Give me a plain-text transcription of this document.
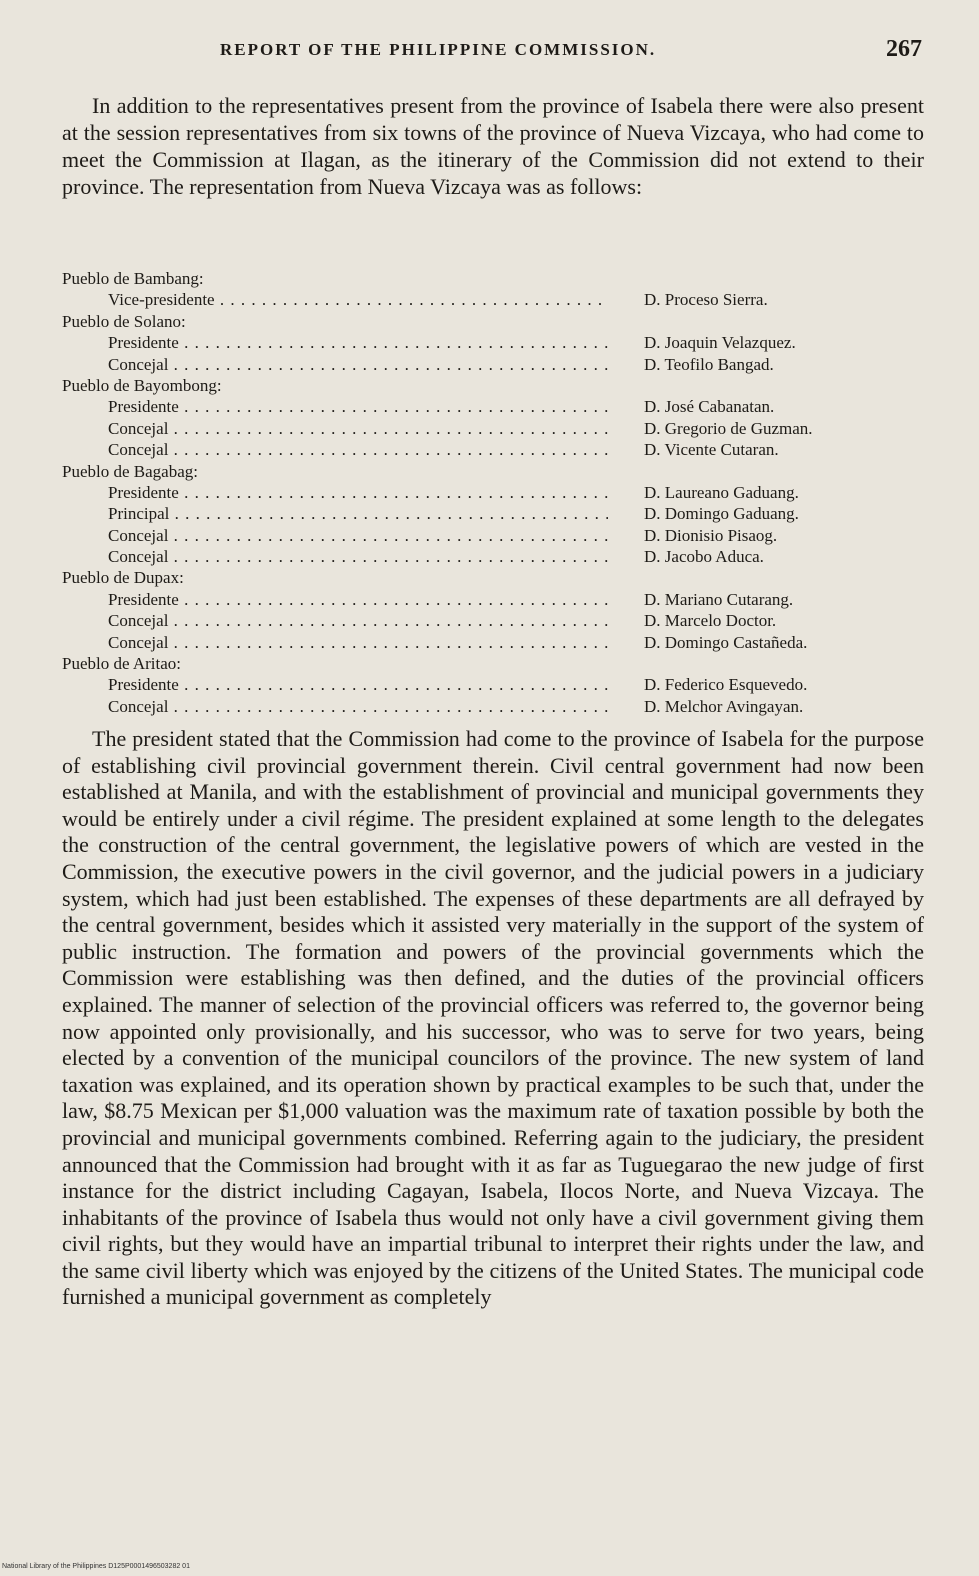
REPORT OF THE PHILIPPINE COMMISSION.	267

In addition to the representatives present from the province of Isabela there were also present at the session representatives from six towns of the province of Nueva Vizcaya, who had come to meet the Commission at Ilagan, as the itinerary of the Commission did not extend to their province. The representation from Nueva Vizcaya was as follows:

Pueblo de Bambang:
Vice-presidente . . .	D. Proceso Sierra.
Pueblo de Solano:
Presidente . . .	D. Joaquin Velazquez.
Concejal . . .	D. Teofilo Bangad.
Pueblo de Bayombong:
Presidente . . .	D. José Cabanatan.
Concejal . . .	D. Gregorio de Guzman.
Concejal . . .	D. Vicente Cutaran.
Pueblo de Bagabag:
Presidente . . .	D. Laureano Gaduang.
Principal . . .	D. Domingo Gaduang.
Concejal . . .	D. Dionisio Pisaog.
Concejal . . .	D. Jacobo Aduca.
Pueblo de Dupax:
Presidente . . .	D. Mariano Cutarang.
Concejal . . .	D. Marcelo Doctor.
Concejal . . .	D. Domingo Castañeda.
Pueblo de Aritao:
Presidente . . .	D. Federico Esquevedo.
Concejal . . .	D. Melchor Avingayan.

The president stated that the Commission had come to the province of Isabela for the purpose of establishing civil provincial government therein. Civil central government had now been established at Manila, and with the establishment of provincial and municipal governments they would be entirely under a civil régime. The president explained at some length to the delegates the construction of the central government, the legislative powers of which are vested in the Commission, the executive powers in the civil governor, and the judicial powers in a judiciary system, which had just been established. The expenses of these departments are all defrayed by the central government, besides which it assisted very materially in the support of the system of public instruction. The formation and powers of the provincial governments which the Commission were establishing was then defined, and the duties of the provincial officers explained. The manner of selection of the provincial officers was referred to, the governor being now appointed only provisionally, and his successor, who was to serve for two years, being elected by a convention of the municipal councilors of the province. The new system of land taxation was explained, and its operation shown by practical examples to be such that, under the law, $8.75 Mexican per $1,000 valuation was the maximum rate of taxation possible by both the provincial and municipal governments combined. Referring again to the judiciary, the president announced that the Commission had brought with it as far as Tuguegarao the new judge of first instance for the district including Cagayan, Isabela, Ilocos Norte, and Nueva Vizcaya. The inhabitants of the province of Isabela thus would not only have a civil government giving them civil rights, but they would have an impartial tribunal to interpret their rights under the law, and the same civil liberty which was enjoyed by the citizens of the United States. The municipal code furnished a municipal government as completely

National Library of the Philippines D125P0001496503282 01
